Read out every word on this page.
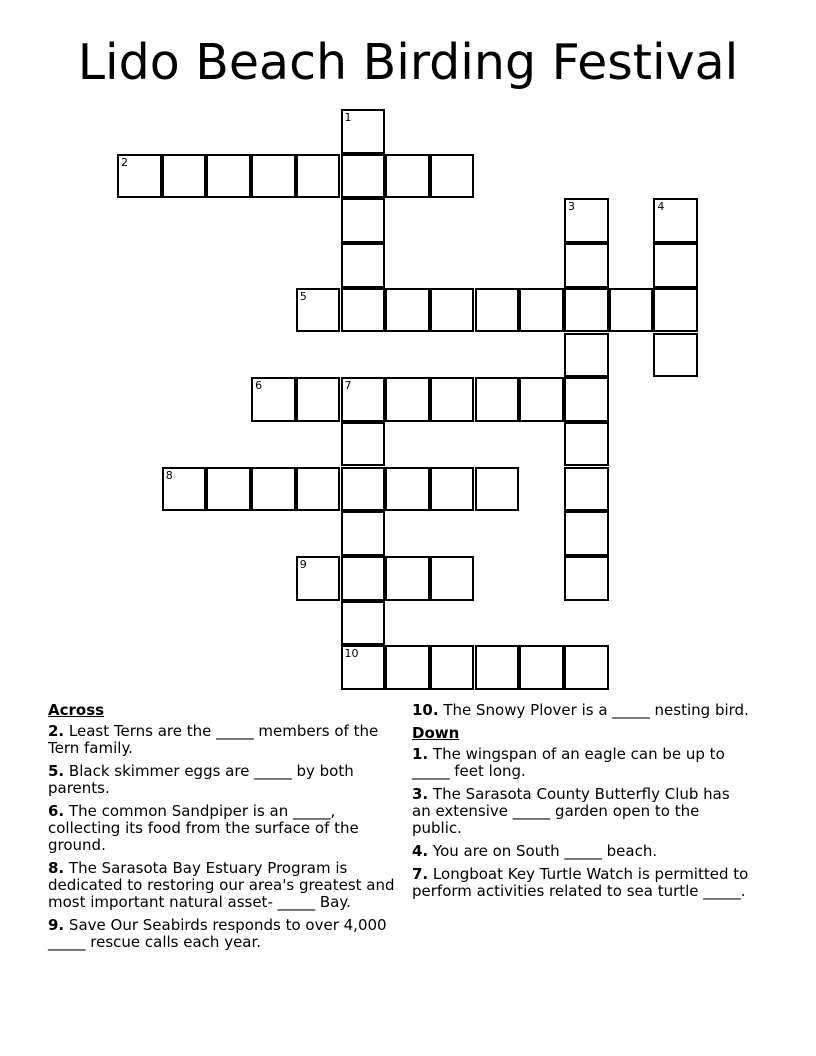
Lido Beach Birding Festival
1
2
3	4
5
6	7
10
8
9
Across
2. Least Terns are the _____ members of the Tern family.
5. Black skimmer eggs are _____ by both parents.
6. The common Sandpiper is an _____, collecting its food from the surface of the ground.
8. The Sarasota Bay Estuary Program is dedicated to restoring our area's greatest and most important natural asset- _____ Bay.
9. Save Our Seabirds responds to over 4,000 _____ rescue calls each year.
10. The Snowy Plover is a _____ nesting bird.
Down
1. The wingspan of an eagle can be up to _____ feet long.
3. The Sarasota County Butterfly Club has an extensive _____ garden open to the public.
4. You are on South _____ beach.
7. Longboat Key Turtle Watch is permitted to perform activities related to sea turtle _____.
